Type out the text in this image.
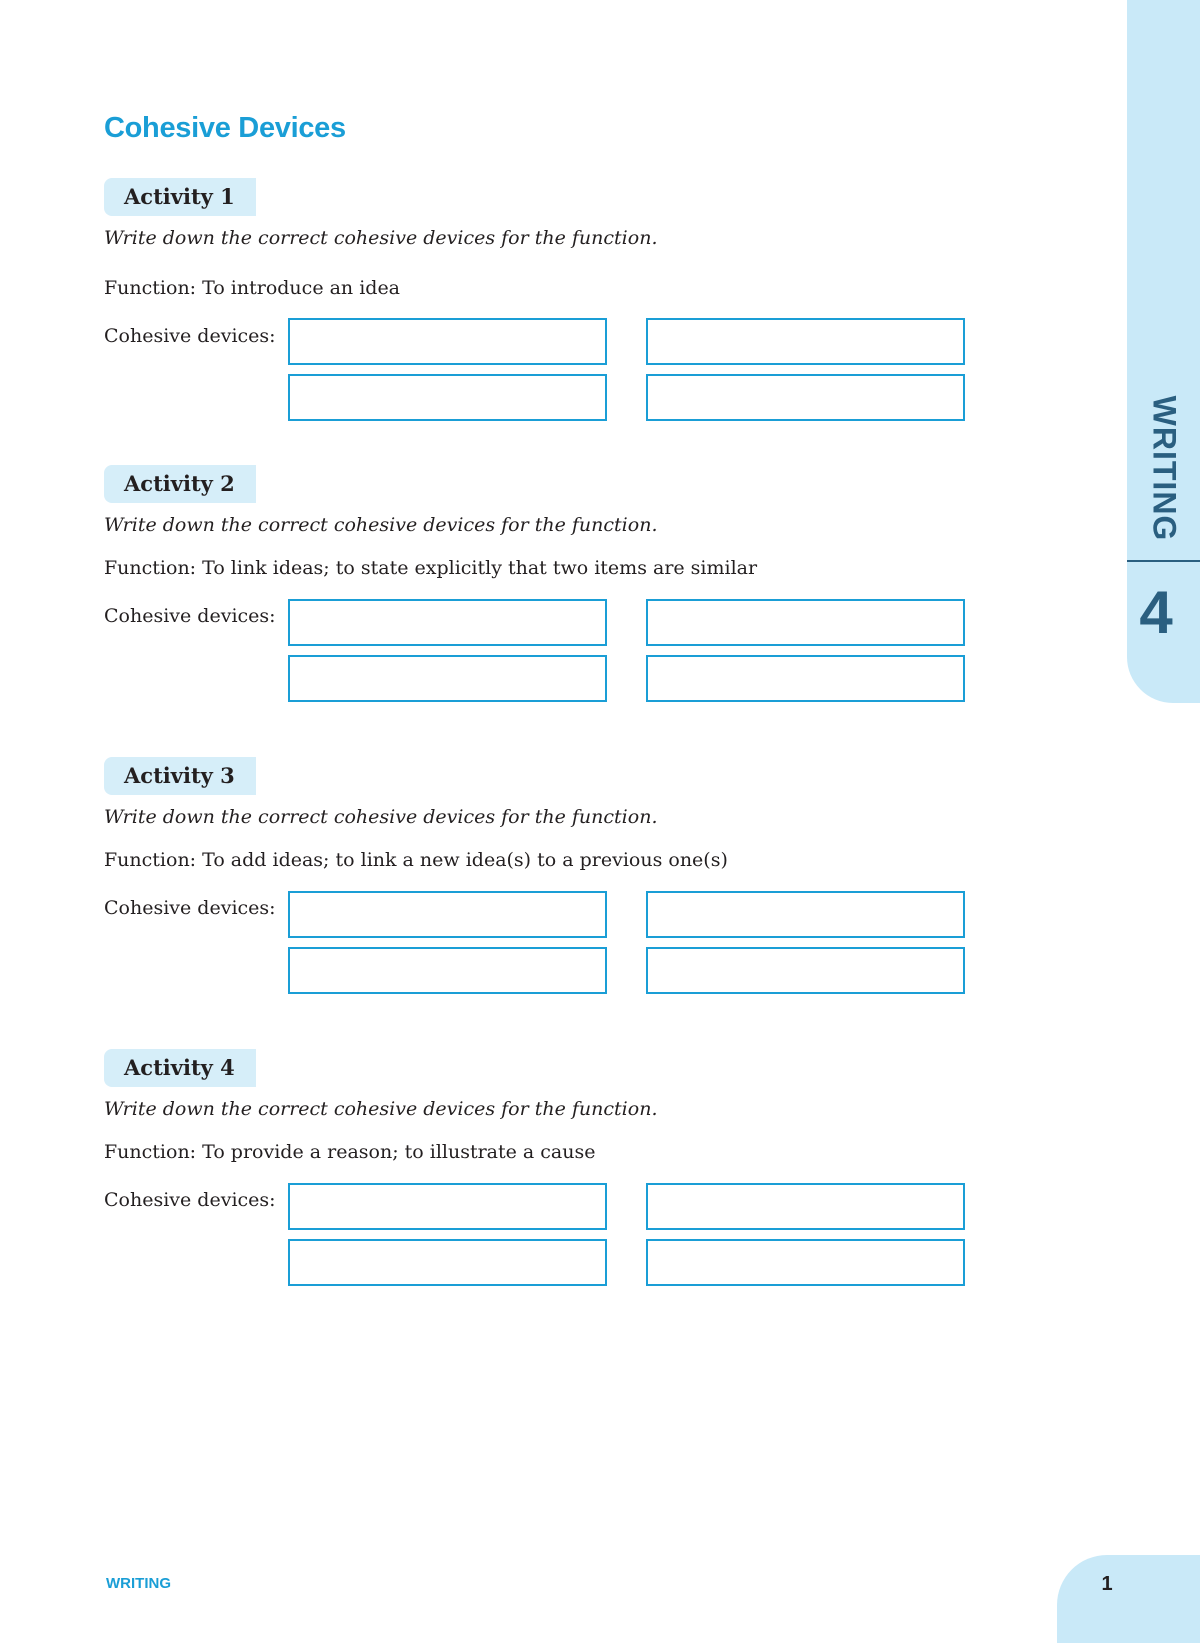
WRITING
4
Cohesive Devices
Activity 1
Write down the correct cohesive devices for the function.
Function: To introduce an idea
Cohesive devices:
Activity 2
Write down the correct cohesive devices for the function.
Function: To link ideas; to state explicitly that two items are similar
Cohesive devices:
Activity 3
Write down the correct cohesive devices for the function.
Function: To add ideas; to link a new idea(s) to a previous one(s)
Cohesive devices:
Activity 4
Write down the correct cohesive devices for the function.
Function: To provide a reason; to illustrate a cause
Cohesive devices:
WRITING	1
